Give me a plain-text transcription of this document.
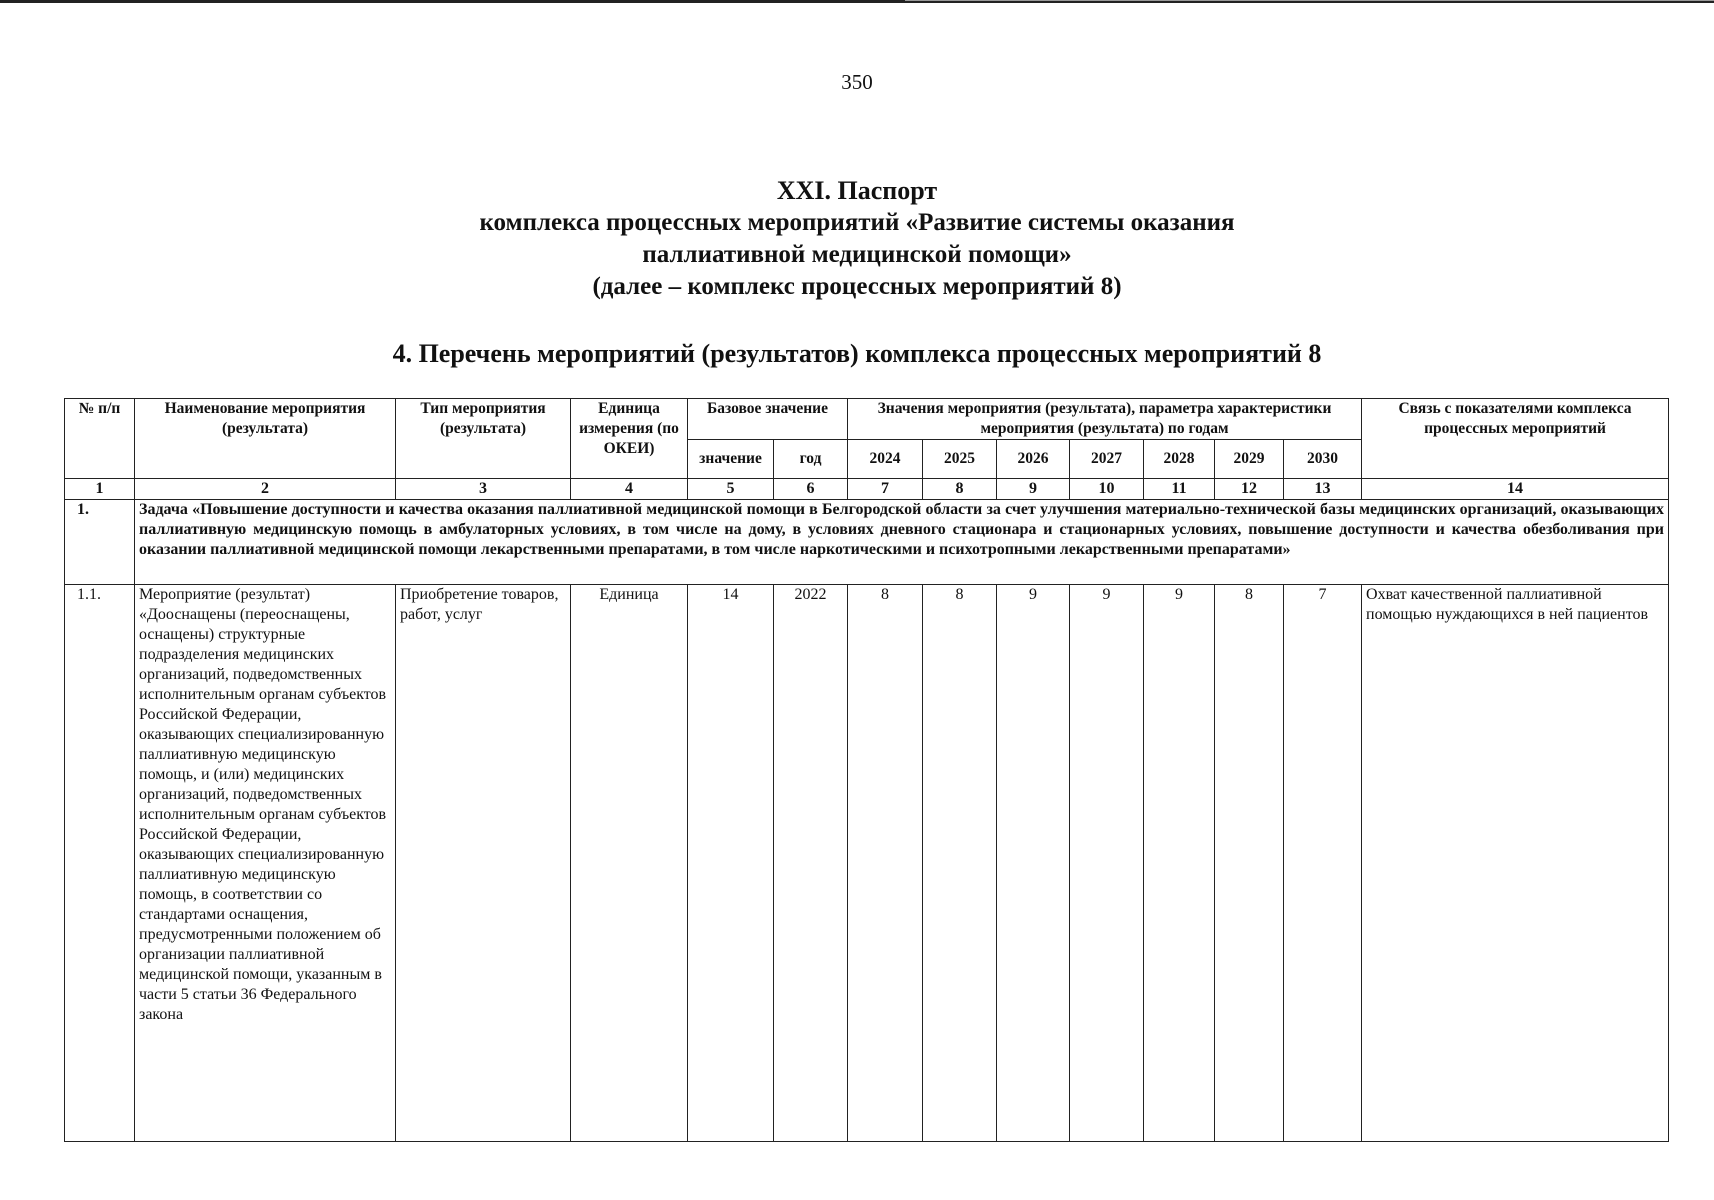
350
XXI. Паспорт
комплекса процессных мероприятий «Развитие системы оказания
паллиативной медицинской помощи»
(далее – комплекс процессных мероприятий 8)
4. Перечень мероприятий (результатов) комплекса процессных мероприятий 8
№ п/п	Наименование мероприятия (результата)	Тип мероприятия (результата)	Единица измерения (по ОКЕИ)	Базовое значение		Значения мероприятия (результата), параметра характеристики мероприятия (результата) по годам							Связь с показателями комплекса процессных мероприятий
				значение	год	2024	2025	2026	2027	2028	2029	2030	
1	2	3	4	5	6	7	8	9	10	11	12	13	14
1.	Задача «Повышение доступности и качества оказания паллиативной медицинской помощи в Белгородской области за счет улучшения материально-технической базы медицинских организаций, оказывающих паллиативную медицинскую помощь в амбулаторных условиях, в том числе на дому, в условиях дневного стационара и стационарных условиях, повышение доступности и качества обезболивания при оказании паллиативной медицинской помощи лекарственными препаратами, в том числе наркотическими и психотропными лекарственными препаратами»												
1.1.	Мероприятие (результат) «Дооснащены (переоснащены, оснащены) структурные подразделения медицинских организаций, подведомственных исполнительным органам субъектов Российской Федерации, оказывающих специализированную паллиативную медицинскую помощь, и (или) медицинских организаций, подведомственных исполнительным органам субъектов Российской Федерации, оказывающих специализированную паллиативную медицинскую помощь, в соответствии со стандартами оснащения, предусмотренными положением об организации паллиативной медицинской помощи, указанным в части 5 статьи 36 Федерального закона	Приобретение товаров, работ, услуг	Единица	14	2022	8	8	9	9	9	8	7	Охват качественной паллиативной помощью нуждающихся в ней пациентов
